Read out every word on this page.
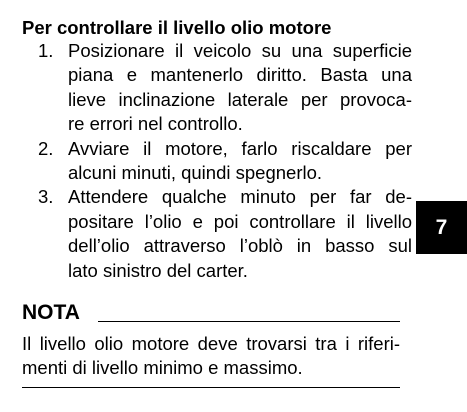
Per controllare il livello olio motore
1. Posizionare il veicolo su una superficie
piana e mantenerlo diritto. Basta una
lieve inclinazione laterale per provoca-
re errori nel controllo.
2. Avviare il motore, farlo riscaldare per
alcuni minuti, quindi spegnerlo.
3. Attendere qualche minuto per far de-
positare l’olio e poi controllare il livello
dell’olio attraverso l’oblò in basso sul
lato sinistro del carter.
7
NOTA
Il livello olio motore deve trovarsi tra i riferi-
menti di livello minimo e massimo.
